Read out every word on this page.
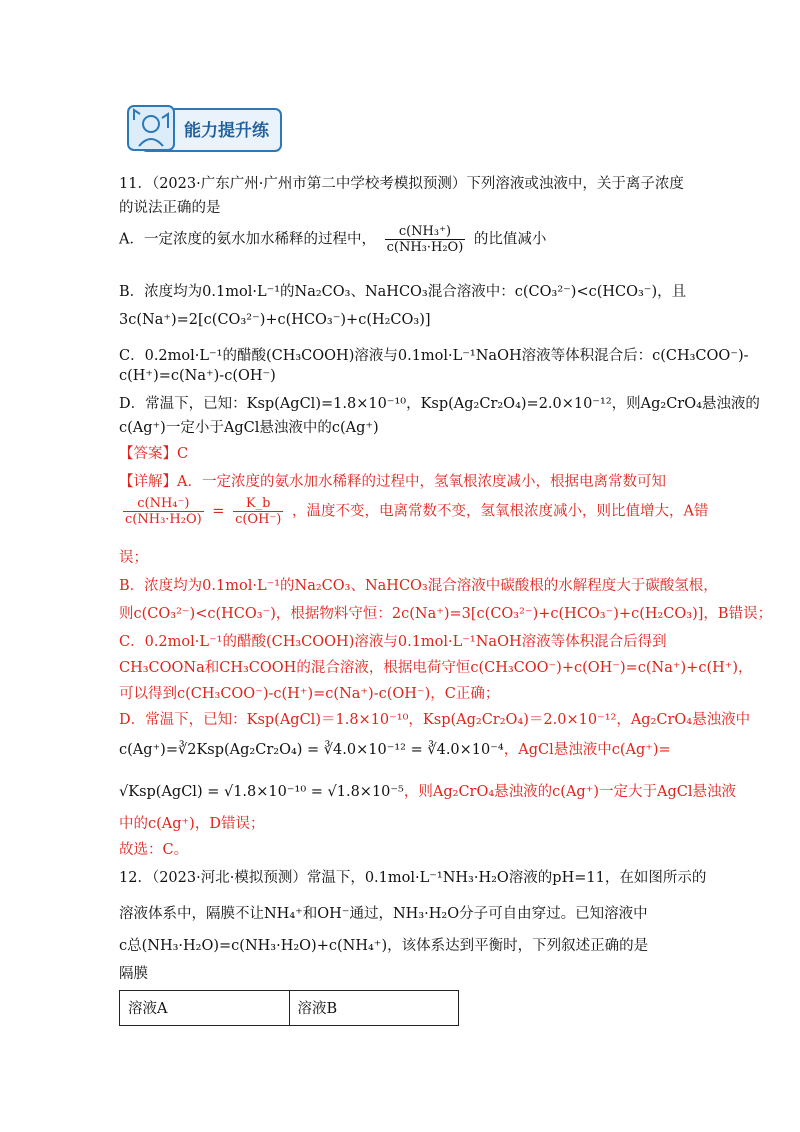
能力提升练
11．（2023·广东广州·广州市第二中学校考模拟预测）下列溶液或浊液中，关于离子浓度
的说法正确的是
A．一定浓度的氨水加水稀释的过程中， $\frac{\text{c(NH₃⁺)}}{\text{c(NH₃·H₂O)}}$ 的比值减小
B．浓度均为0.1mol·L⁻¹的Na₂CO₃、NaHCO₃混合溶液中：c(CO₃²⁻)<c(HCO₃⁻)，且
3c(Na⁺)=2[c(CO₃²⁻)+c(HCO₃⁻)+c(H₂CO₃)]
C．0.2mol·L⁻¹的醋酸(CH₃COOH)溶液与0.1mol·L⁻¹NaOH溶液等体积混合后：c(CH₃COO⁻)-
c(H⁺)=c(Na⁺)-c(OH⁻)
D．常温下，已知：Ksp(AgCl)=1.8×10⁻¹⁰，Ksp(Ag₂Cr₂O₄)=2.0×10⁻¹²，则Ag₂CrO₄悬浊液的
c(Ag⁺)一定小于AgCl悬浊液中的c(Ag⁺)
【答案】C
【详解】A．一定浓度的氨水加水稀释的过程中，氢氧根浓度减小，根据电离常数可知
$\frac{\text{c(NH₄⁻)}}{\text{c(NH₃·H₂O)}} = \frac{K\_b}{c(OH^-)}$ ，温度不变，电离常数不变，氢氧根浓度减小，则比值增大，A错
误；
B．浓度均为0.1mol·L⁻¹的Na₂CO₃、NaHCO₃混合溶液中碳酸根的水解程度大于碳酸氢根，
则c(CO₃²⁻)<c(HCO₃⁻)，根据物料守恒：2c(Na⁺)=3[c(CO₃²⁻)+c(HCO₃⁻)+c(H₂CO₃)]，B错误；
C．0.2mol·L⁻¹的醋酸(CH₃COOH)溶液与0.1mol·L⁻¹NaOH溶液等体积混合后得到
CH₃COONa和CH₃COOH的混合溶液，根据电荷守恒c(CH₃COO⁻)+c(OH⁻)=c(Na⁺)+c(H⁺)，
可以得到c(CH₃COO⁻)-c(H⁺)=c(Na⁺)-c(OH⁻)，C正确；
D．常温下，已知：Ksp(AgCl)＝1.8×10⁻¹⁰，Ksp(Ag₂Cr₂O₄)＝2.0×10⁻¹²，Ag₂CrO₄悬浊液中
c(Ag⁺)=∛2Ksp(Ag₂Cr₂O₄) = ∛4.0×10⁻¹² = ∛4.0×10⁻⁴，AgCl悬浊液中c(Ag⁺)=
√Ksp(AgCl) = √1.8×10⁻¹⁰ = √1.8×10⁻⁵，则Ag₂CrO₄悬浊液的c(Ag⁺)一定大于AgCl悬浊液
中的c(Ag⁺)，D错误；
故选：C。
12．（2023·河北·模拟预测）常温下，0.1mol·L⁻¹NH₃·H₂O溶液的pH=11，在如图所示的
溶液体系中，隔膜不让NH₄⁺和OH⁻通过，NH₃·H₂O分子可自由穿过。已知溶液中
c总(NH₃·H₂O)=c(NH₃·H₂O)+c(NH₄⁺)，该体系达到平衡时，下列叙述正确的是
隔膜
溶液A	溶液B
